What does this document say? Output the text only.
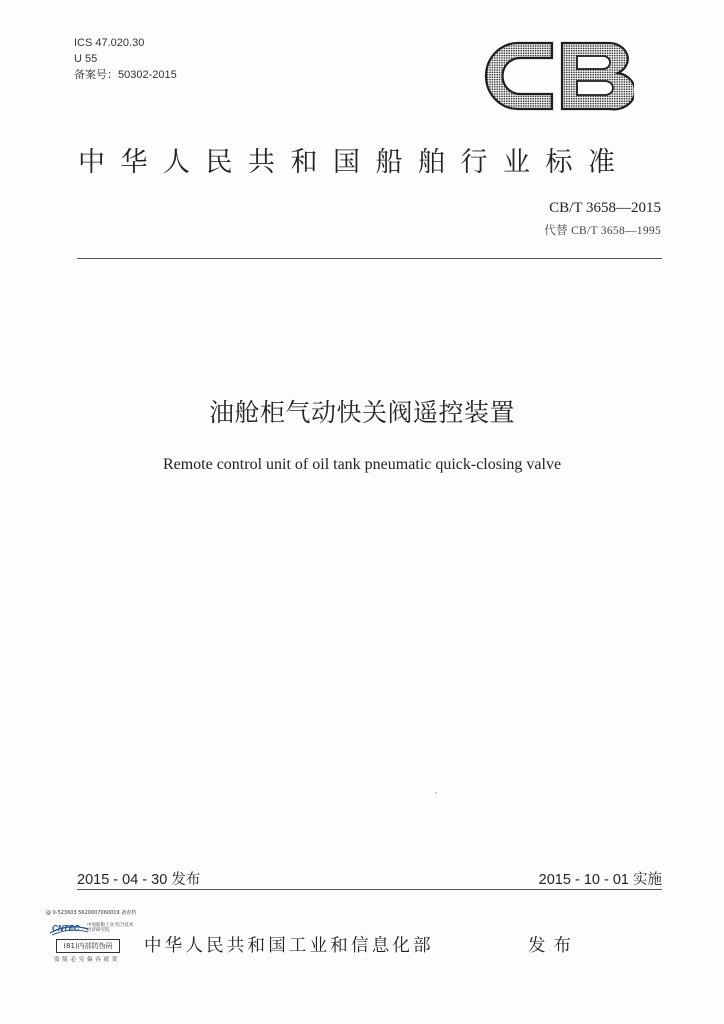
ICS 47.020.30
U 55
备案号：50302-2015
中华人民共和国船舶行业标准
CB/T 3658—2015
代替 CB/T 3658—1995
油舱柜气动快关阀遥控装置
Remote control unit of oil tank pneumatic quick-closing valve
2015 - 04 - 30 发布	2015 - 10 - 01 实施
@ 0-523603 5620007060019 备查档
CNTEC 中国船舶工业 综合技术经济研究院
(81)内部防伪码
盗 版 必 究 偏 容 就 赏
中华人民共和国工业和信息化部	发布
